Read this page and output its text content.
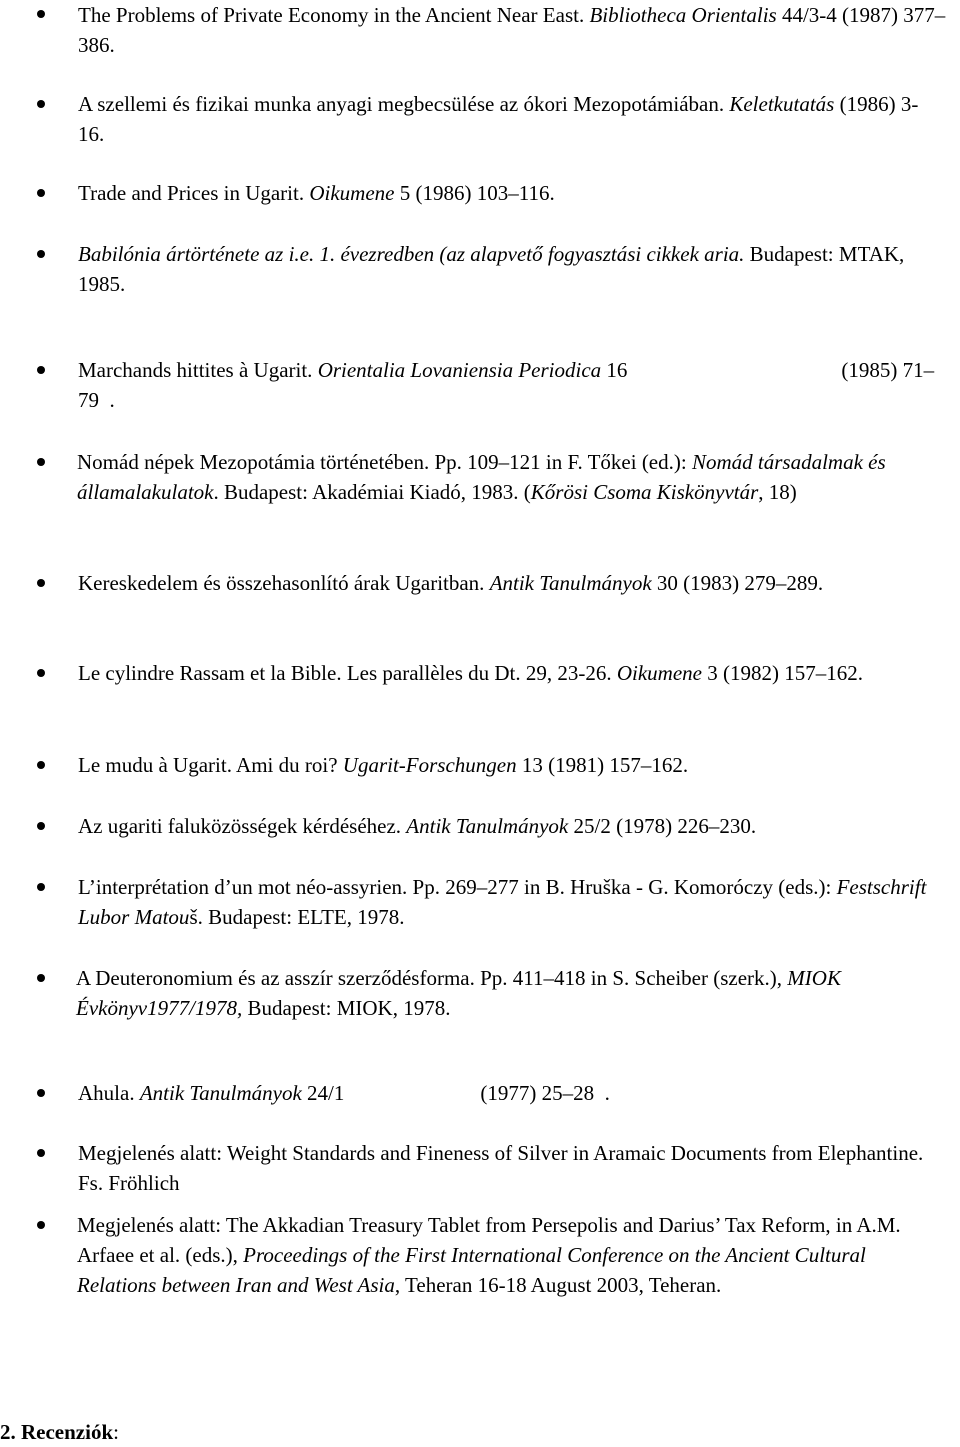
The Problems of Private Economy in the Ancient Near East. Bibliotheca Orientalis 44/3-4 (1987) 377–386.
A szellemi és fizikai munka anyagi megbecsülése az ókori Mezopotámiában. Keletkutatás (1986) 3-16.
Trade and Prices in Ugarit. Oikumene 5 (1986) 103–116.
Babilónia ártörténete az i.e. 1. évezredben (az alapvető fogyasztási cikkek aria. Budapest: MTAK, 1985.
Marchands hittites à Ugarit. Orientalia Lovaniensia Periodica 16	(1985) 71–79 .
Nomád népek Mezopotámia történetében. Pp. 109–121 in F. Tőkei (ed.): Nomád társadalmak és államalakulatok. Budapest: Akadémiai Kiadó, 1983. (Kőrösi Csoma Kiskönyvtár, 18)
Kereskedelem és összehasonlító árak Ugaritban. Antik Tanulmányok 30 (1983) 279–289.
Le cylindre Rassam et la Bible. Les parallèles du Dt. 29, 23-26. Oikumene 3 (1982) 157–162.
Le mudu à Ugarit. Ami du roi? Ugarit-Forschungen 13 (1981) 157–162.
Az ugariti faluközösségek kérdéséhez. Antik Tanulmányok 25/2 (1978) 226–230.
L’interprétation d’un mot néo-assyrien. Pp. 269–277 in B. Hruška - G. Komoróczy (eds.): Festschrift Lubor Matouš. Budapest: ELTE, 1978.
A Deuteronomium és az asszír szerződésforma. Pp. 411–418 in S. Scheiber (szerk.), MIOK Évkönyv1977/1978, Budapest: MIOK, 1978.
Ahula. Antik Tanulmányok 24/1	(1977) 25–28 .
Megjelenés alatt: Weight Standards and Fineness of Silver in Aramaic Documents from Elephantine. Fs. Fröhlich
Megjelenés alatt: The Akkadian Treasury Tablet from Persepolis and Darius’ Tax Reform, in A.M. Arfaee et al. (eds.), Proceedings of the First International Conference on the Ancient Cultural Relations between Iran and West Asia, Teheran 16-18 August 2003, Teheran.
2. Recenziók:
